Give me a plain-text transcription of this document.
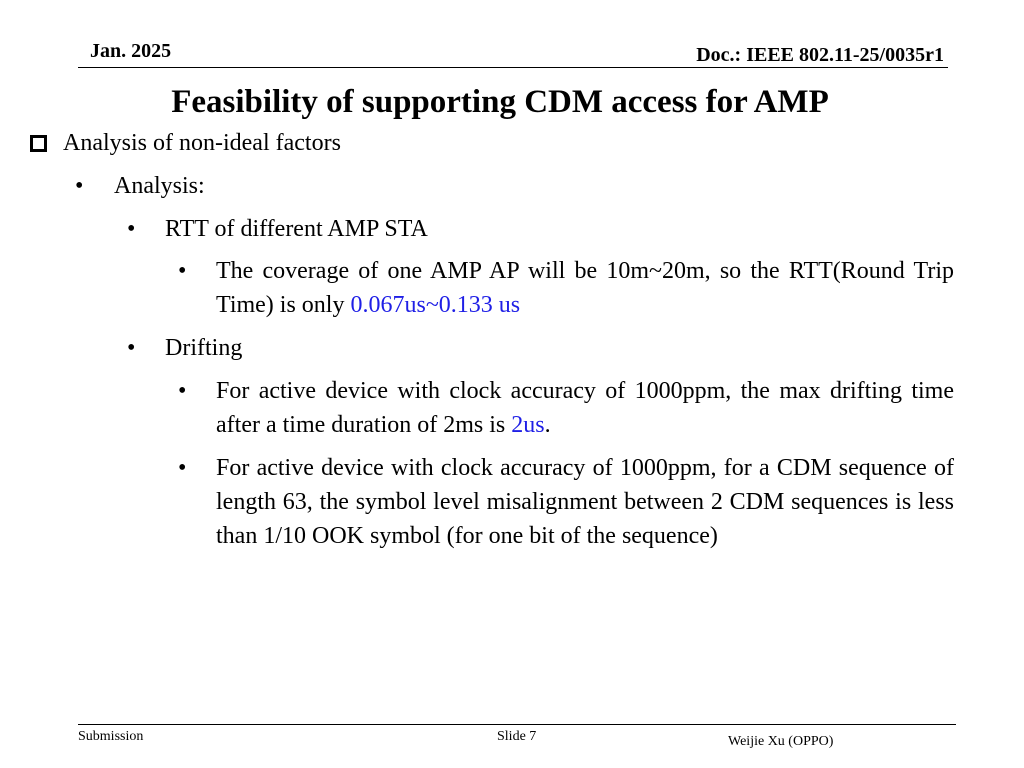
Jan. 2025	Doc.: IEEE 802.11-25/0035r1
Feasibility of supporting CDM access for AMP
Analysis of non-ideal factors
• Analysis:
• RTT of different AMP STA
• The coverage of one AMP AP will be 10m~20m, so the RTT(Round Trip Time) is only 0.067us~0.133 us
• Drifting
• For active device with clock accuracy of 1000ppm, the max drifting time after a time duration of 2ms is 2us.
• For active device with clock accuracy of 1000ppm, for a CDM sequence of length 63, the symbol level misalignment between 2 CDM sequences is less than 1/10 OOK symbol (for one bit of the sequence)
Submission	Slide 7	Weijie Xu (OPPO)
